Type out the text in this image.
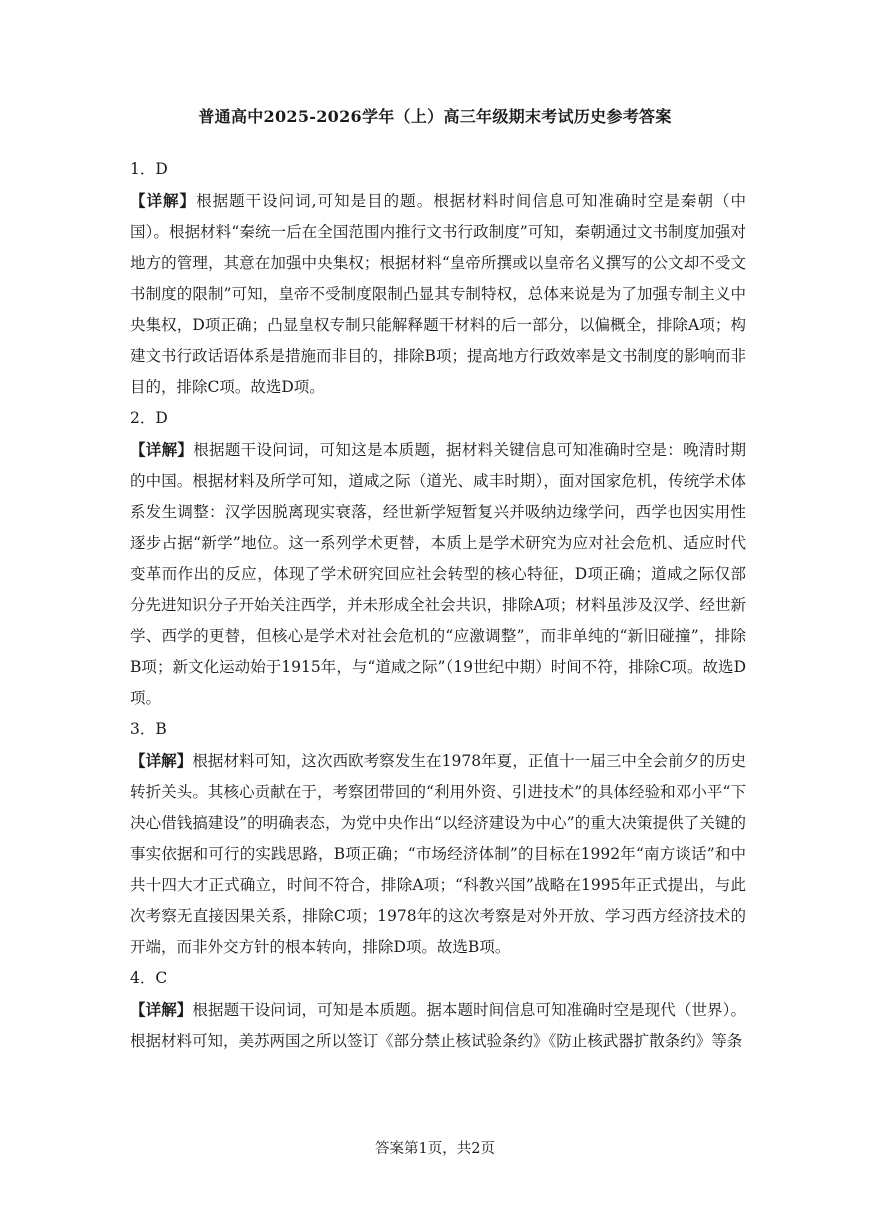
普通高中2025-2026学年（上）高三年级期末考试历史参考答案

1．D

【详解】根据题干设问词,可知是目的题。根据材料时间信息可知准确时空是秦朝（中国）。根据材料“秦统一后在全国范围内推行文书行政制度”可知，秦朝通过文书制度加强对地方的管理，其意在加强中央集权；根据材料“皇帝所撰或以皇帝名义撰写的公文却不受文书制度的限制”可知，皇帝不受制度限制凸显其专制特权，总体来说是为了加强专制主义中央集权，D项正确；凸显皇权专制只能解释题干材料的后一部分，以偏概全，排除A项；构建文书行政话语体系是措施而非目的，排除B项；提高地方行政效率是文书制度的影响而非目的，排除C项。故选D项。

2．D

【详解】根据题干设问词，可知这是本质题，据材料关键信息可知准确时空是：晚清时期的中国。根据材料及所学可知，道咸之际（道光、咸丰时期），面对国家危机，传统学术体系发生调整：汉学因脱离现实衰落，经世新学短暂复兴并吸纳边缘学问，西学也因实用性逐步占据“新学”地位。这一系列学术更替，本质上是学术研究为应对社会危机、适应时代变革而作出的反应，体现了学术研究回应社会转型的核心特征，D项正确；道咸之际仅部分先进知识分子开始关注西学，并未形成全社会共识，排除A项；材料虽涉及汉学、经世新学、西学的更替，但核心是学术对社会危机的“应激调整”，而非单纯的“新旧碰撞”，排除B项；新文化运动始于1915年，与“道咸之际”（19世纪中期）时间不符，排除C项。故选D项。

3．B

【详解】根据材料可知，这次西欧考察发生在1978年夏，正值十一届三中全会前夕的历史转折关头。其核心贡献在于，考察团带回的“利用外资、引进技术”的具体经验和邓小平“下决心借钱搞建设”的明确表态，为党中央作出“以经济建设为中心”的重大决策提供了关键的事实依据和可行的实践思路，B项正确；“市场经济体制”的目标在1992年“南方谈话”和中共十四大才正式确立，时间不符合，排除A项；“科教兴国”战略在1995年正式提出，与此次考察无直接因果关系，排除C项；1978年的这次考察是对外开放、学习西方经济技术的开端，而非外交方针的根本转向，排除D项。故选B项。

4．C

【详解】根据题干设问词，可知是本质题。据本题时间信息可知准确时空是现代（世界）。根据材料可知，美苏两国之所以签订《部分禁止核试验条约》《防止核武器扩散条约》等条

答案第1页，共2页
